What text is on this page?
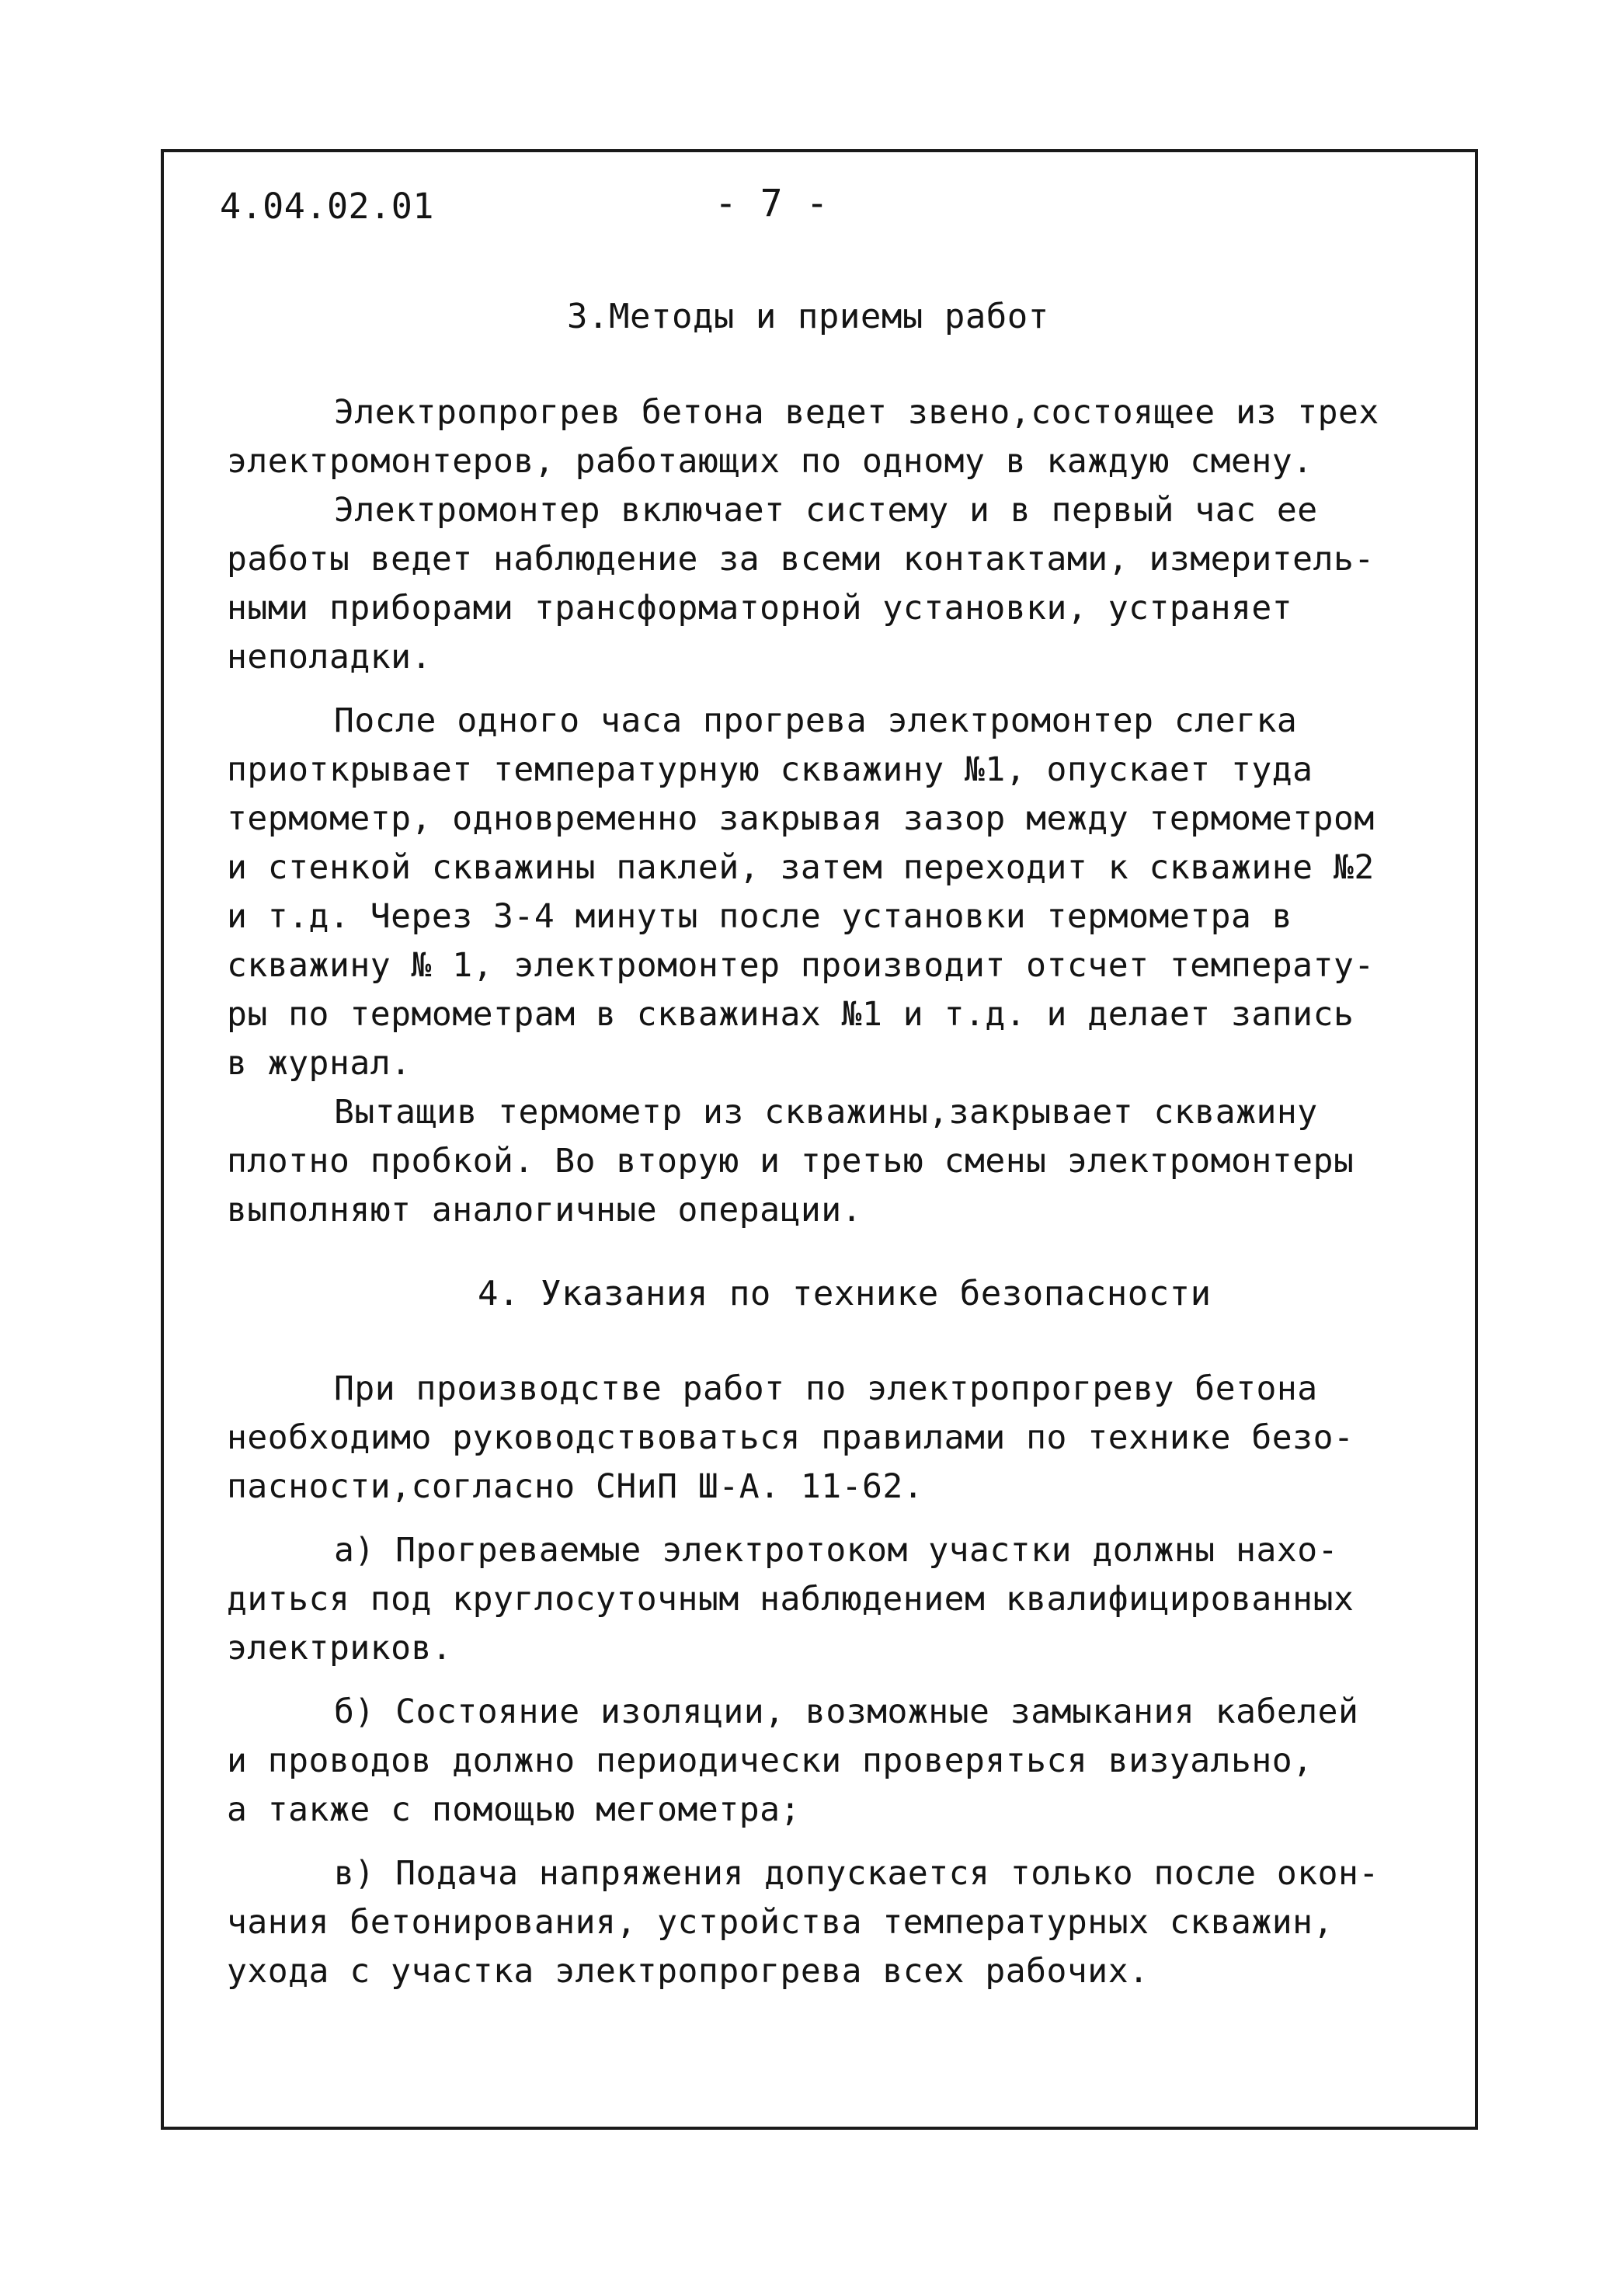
4.04.02.01	- 7 -
3.Методы и приемы работ
Электропрогрев бетона ведет звено,состоящее из трех
электромонтеров, работающих по одному в каждую смену.
Электромонтер включает систему и в первый час ее
работы ведет наблюдение за всеми контактами, измеритель-
ными приборами трансформаторной установки, устраняет
неполадки.
После одного часа прогрева электромонтер слегка
приоткрывает температурную скважину №1, опускает туда
термометр, одновременно закрывая зазор между термометром
и стенкой скважины паклей, затем переходит к скважине №2
и т.д. Через 3-4 минуты после установки термометра в
скважину № 1, электромонтер производит отсчет температу-
ры по термометрам в скважинах №1 и т.д. и делает запись
в журнал.
Вытащив термометр из скважины,закрывает скважину
плотно пробкой. Во вторую и третью смены электромонтеры
выполняют аналогичные операции.
4. Указания по технике безопасности
При производстве работ по электропрогреву бетона
необходимо руководствоваться правилами по технике безо-
пасности,согласно СНиП Ш-А. 11-62.
а) Прогреваемые электротоком участки должны нахо-
диться под круглосуточным наблюдением квалифицированных
электриков.
б) Состояние изоляции, возможные замыкания кабелей
и проводов должно периодически проверяться визуально,
а также с помощью мегометра;
в) Подача напряжения допускается только после окон-
чания бетонирования, устройства температурных скважин,
ухода с участка электропрогрева всех рабочих.
